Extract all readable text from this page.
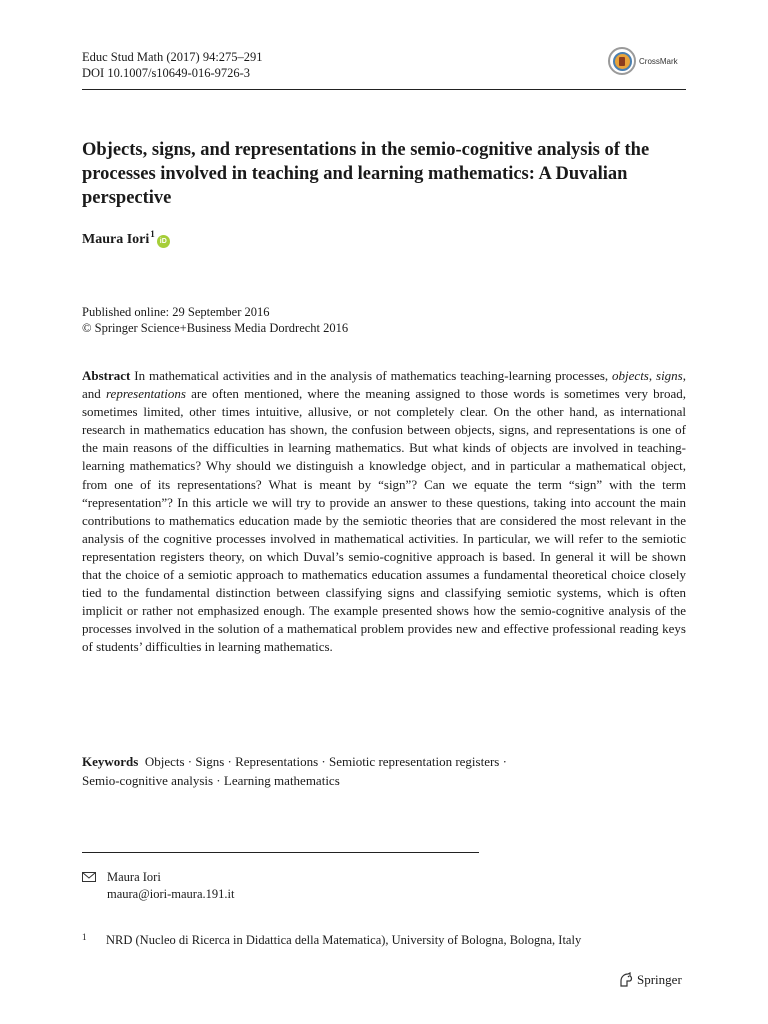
Educ Stud Math (2017) 94:275–291
DOI 10.1007/s10649-016-9726-3
CrossMark
Objects, signs, and representations in the semio-cognitive analysis of the processes involved in teaching and learning mathematics: A Duvalian perspective
Maura Iori$^1$
iD
Published online: 29 September 2016
© Springer Science+Business Media Dordrecht 2016

Abstract In mathematical activities and in the analysis of mathematics teaching-learning processes, objects, signs, and representations are often mentioned, where the meaning assigned to those words is sometimes very broad, sometimes limited, other times intuitive, allusive, or not completely clear. On the other hand, as international research in mathematics education has shown, the confusion between objects, signs, and representations is one of the main reasons of the difficulties in learning mathematics. But what kinds of objects are involved in teaching-learning mathematics? Why should we distinguish a knowledge object, and in particular a mathematical object, from one of its representations? What is meant by “sign”? Can we equate the term “sign” with the term “representation”? In this article we will try to provide an answer to these questions, taking into account the main contributions to mathematics education made by the semiotic theories that are considered the most relevant in the analysis of the cognitive processes involved in mathematical activities. In particular, we will refer to the semiotic representation registers theory, on which Duval’s semio-cognitive approach is based. In general it will be shown that the choice of a semiotic approach to mathematics education assumes a fundamental theoretical choice closely tied to the fundamental distinction between classifying signs and classifying semiotic systems, which is often implicit or rather not emphasized enough. The example presented shows how the semio-cognitive analysis of the processes involved in the solution of a mathematical problem provides new and effective professional reading keys of students’ difficulties in learning mathematics.

Keywords Objects · Signs · Representations · Semiotic representation registers ·
Semio-cognitive analysis · Learning mathematics
Maura Iori
maura@iori-maura.191.it
1	NRD (Nucleo di Ricerca in Didattica della Matematica), University of Bologna, Bologna, Italy
Springer
